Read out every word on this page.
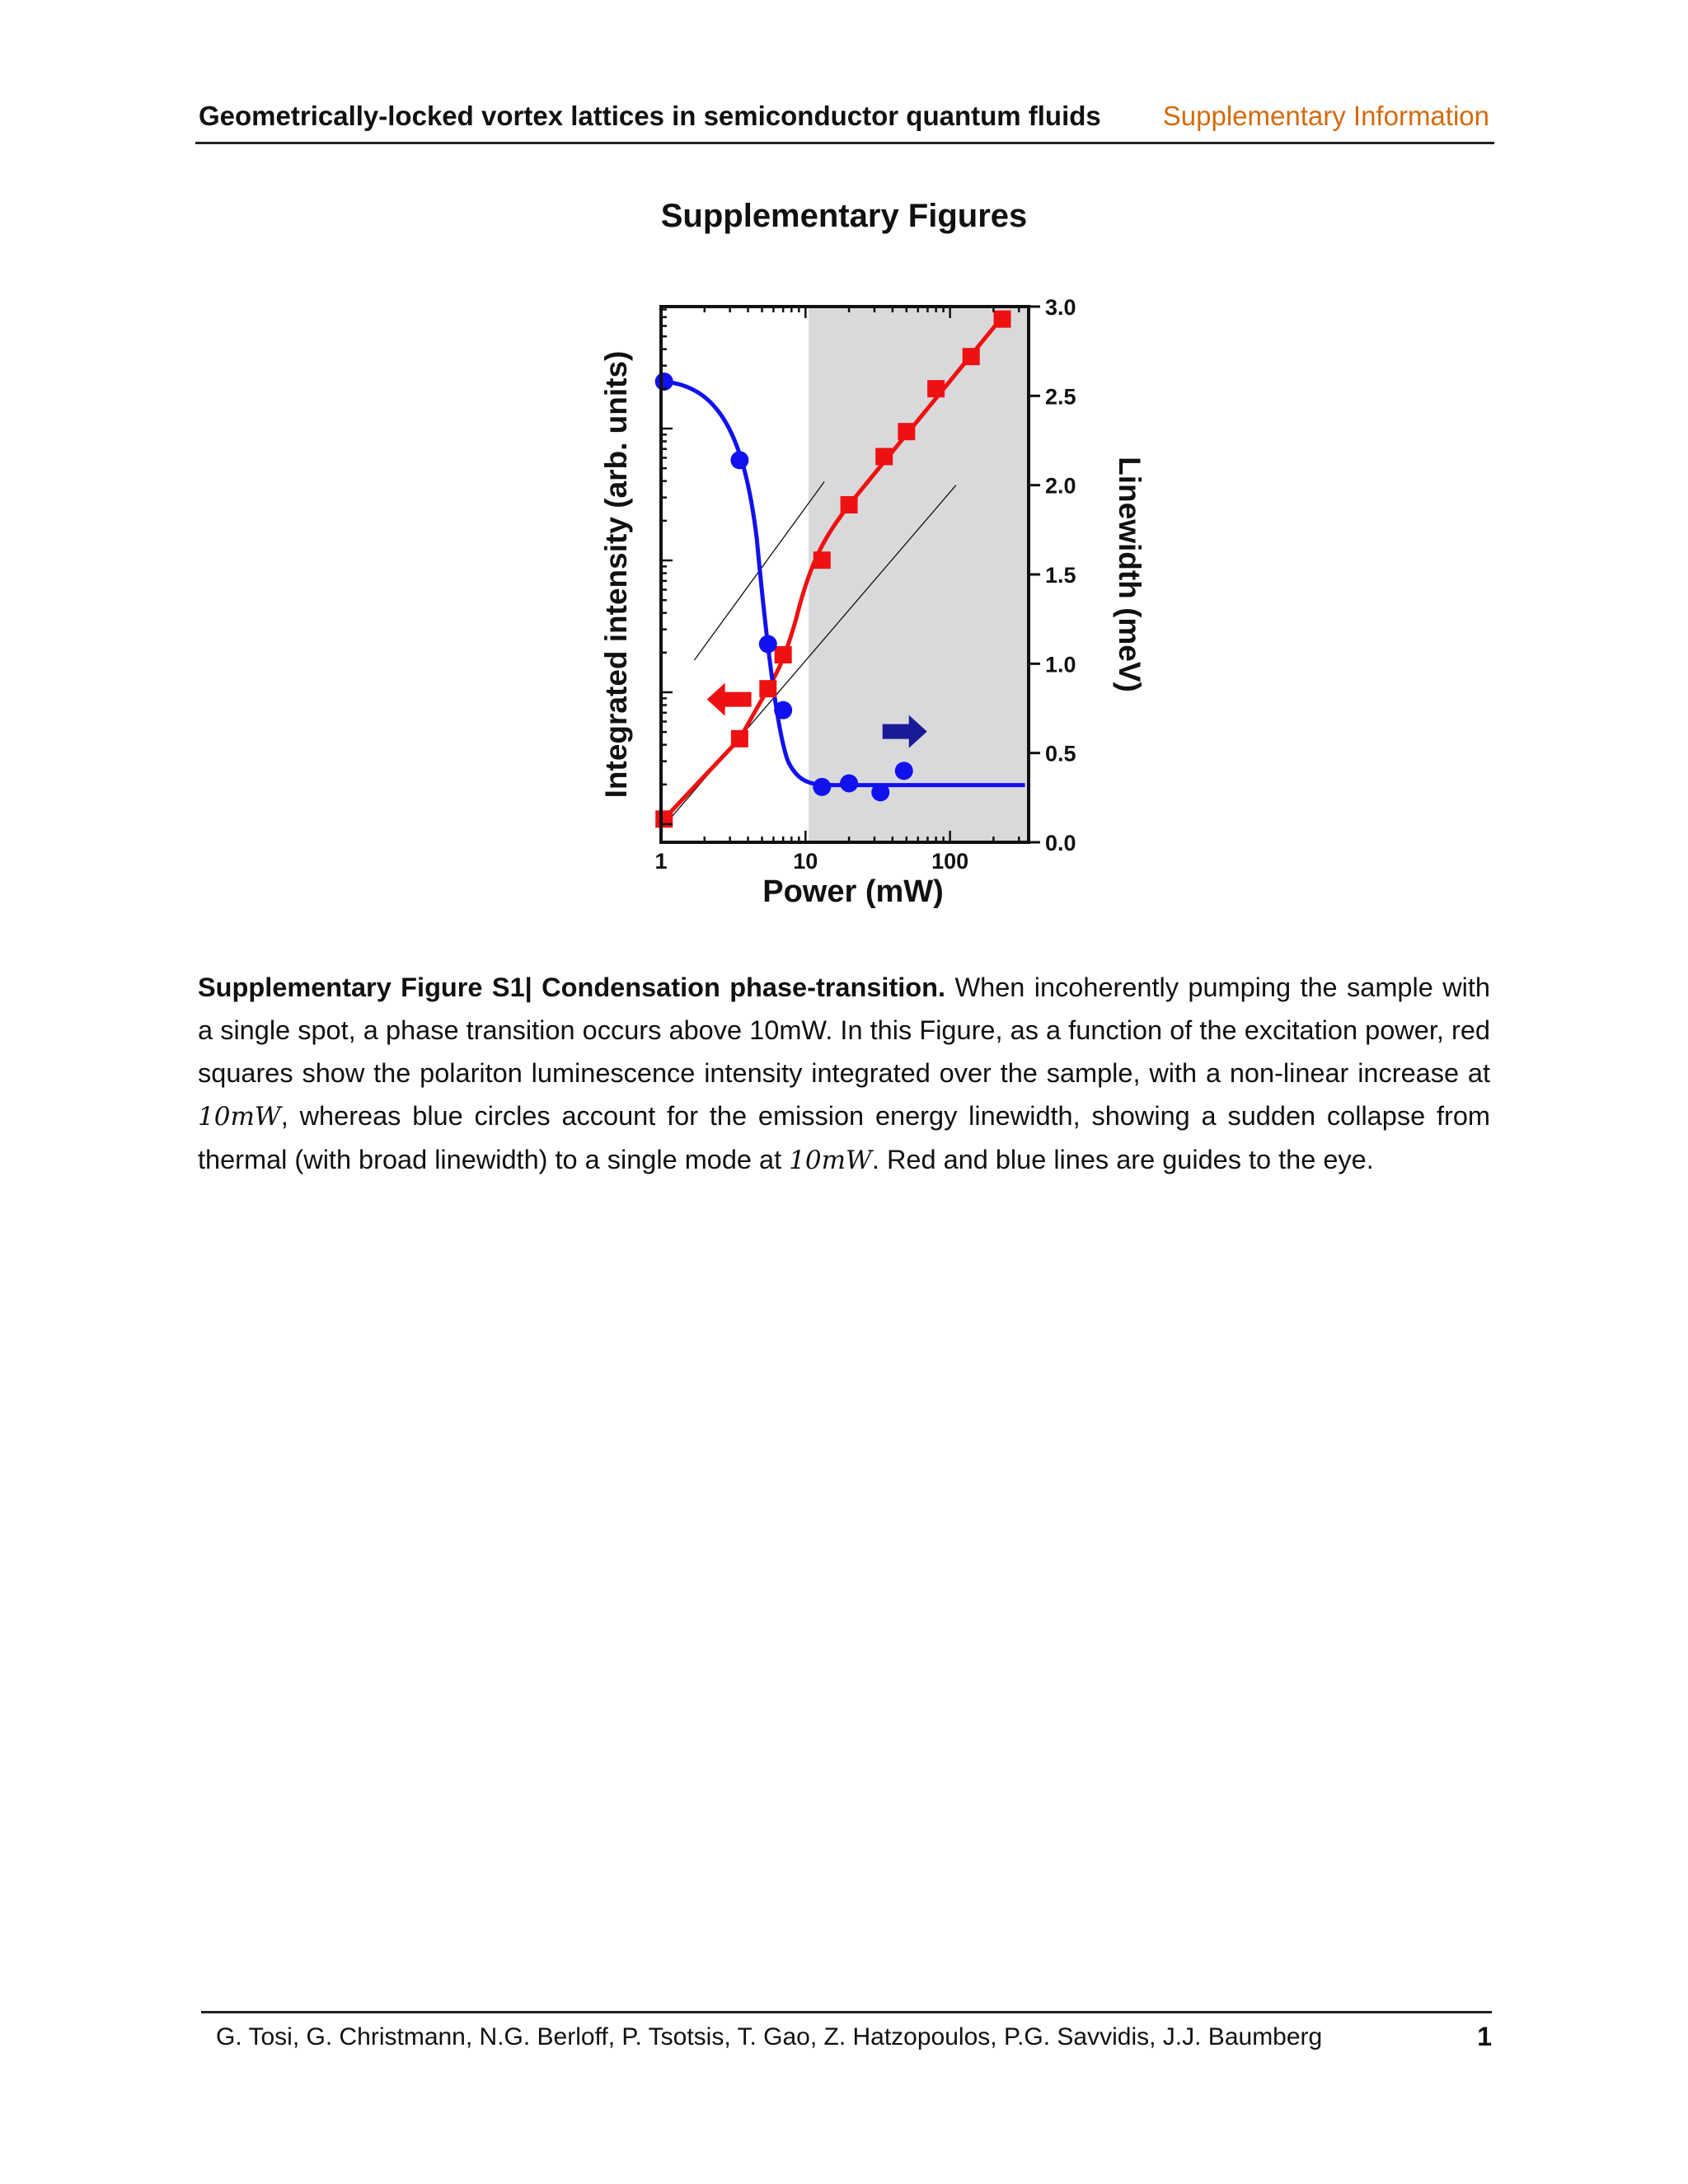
Geometrically-locked vortex lattices in semiconductor quantum fluids Supplementary Information
Supplementary Figures
0.0
0.5
1.0
1.5
2.0
2.5
3.0
1	10	100
Power (mW)
Integrated intensity (arb. units)	Linewidth (meV)
Supplementary Figure S1| Condensation phase-transition. When incoherently pumping the sample with a single spot, a phase transition occurs above 10mW. In this Figure, as a function of the excitation power, red squares show the polariton luminescence intensity integrated over the sample, with a non-linear increase at 10mW, whereas blue circles account for the emission energy linewidth, showing a sudden collapse from thermal (with broad linewidth) to a single mode at 10mW. Red and blue lines are guides to the eye.
G. Tosi, G. Christmann, N.G. Berloff, P. Tsotsis, T. Gao, Z. Hatzopoulos, P.G. Savvidis, J.J. Baumberg	1
